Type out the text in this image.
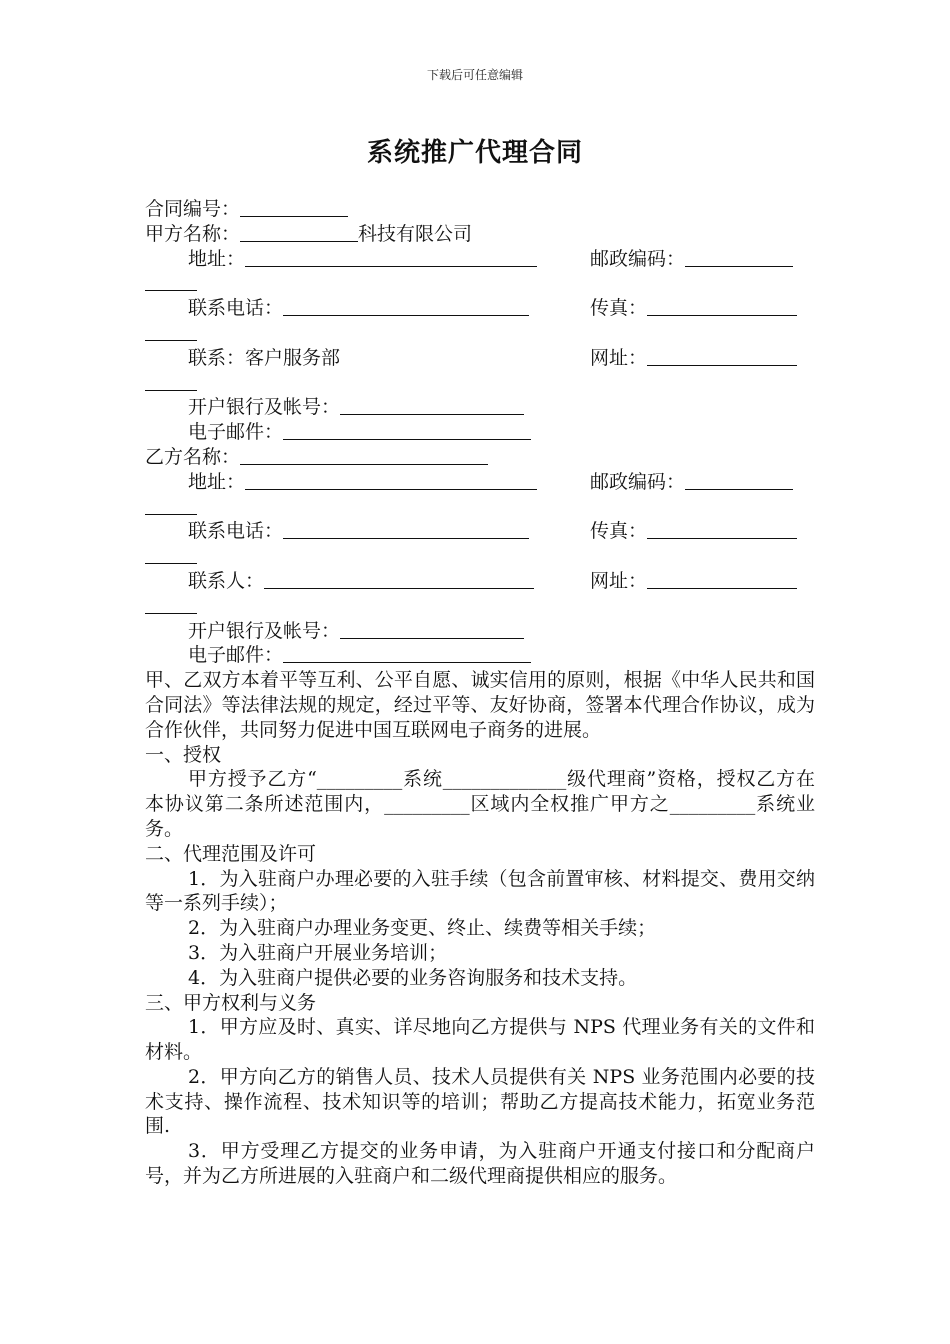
下载后可任意编辑
系统推广代理合同
合同编号：
甲方名称：	科技有限公司
地址：	邮政编码：
联系电话：	传真：
联系：客户服务部	网址：
开户银行及帐号：
电子邮件：
乙方名称：
地址：	邮政编码：
联系电话：	传真：
联系人：	网址：
开户银行及帐号：
电子邮件：
甲、乙双方本着平等互利、公平自愿、诚实信用的原则，根据《中华人民共和国合同法》等法律法规的规定，经过平等、友好协商，签署本代理合作协议，成为合作伙伴，共同努力促进中国互联网电子商务的进展。
一、授权
甲方授予乙方“_________系统_____________级代理商”资格，授权乙方在本协议第二条所述范围内，_________区域内全权推广甲方之_________系统业务。
二、代理范围及许可
1．为入驻商户办理必要的入驻手续（包含前置审核、材料提交、费用交纳等一系列手续）；
2．为入驻商户办理业务变更、终止、续费等相关手续；
3．为入驻商户开展业务培训；
4．为入驻商户提供必要的业务咨询服务和技术支持。
三、甲方权利与义务
1．甲方应及时、真实、详尽地向乙方提供与 NPS 代理业务有关的文件和材料。
2．甲方向乙方的销售人员、技术人员提供有关 NPS 业务范围内必要的技术支持、操作流程、技术知识等的培训；帮助乙方提高技术能力，拓宽业务范围.
3．甲方受理乙方提交的业务申请，为入驻商户开通支付接口和分配商户号，并为乙方所进展的入驻商户和二级代理商提供相应的服务。
